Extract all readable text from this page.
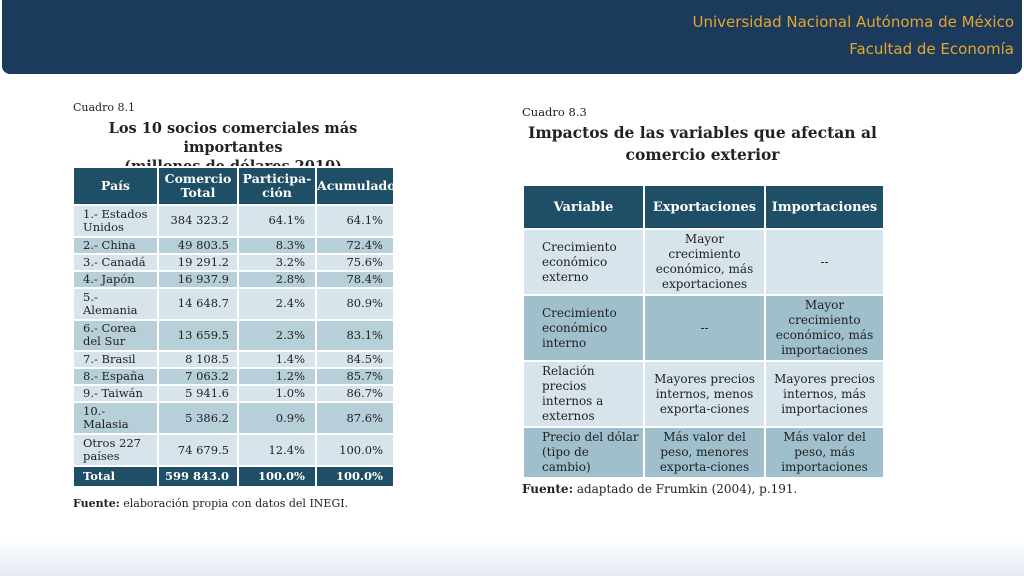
Universidad Nacional Autónoma de México
Facultad de Economía
Cuadro 8.1
Los 10 socios comerciales más importantes
País	Comercio Total	Participa-ción	Acumulado
1.- Estados Unidos	384 323.2	64.1%	64.1%
2.- China	49 803.5	8.3%	72.4%
3.- Canadá	19 291.2	3.2%	75.6%
4.- Japón	16 937.9	2.8%	78.4%
5.- Alemania	14 648.7	2.4%	80.9%
6.- Corea del Sur	13 659.5	2.3%	83.1%
7.- Brasil	8 108.5	1.4%	84.5%
8.- España	7 063.2	1.2%	85.7%
9.- Taiwán	5 941.6	1.0%	86.7%
10.- Malasia	5 386.2	0.9%	87.6%
Otros 227 países	74 679.5	12.4%	100.0%
Total	599 843.0	100.0%	100.0%
Fuente: elaboración propia con datos del INEGI.
Cuadro 8.3
Impactos de las variables que afectan al
comercio exterior
Variable	Exportaciones	Importaciones
Crecimiento económico externo	Mayor crecimiento económico, más exportaciones	--
Crecimiento económico interno	--	Mayor crecimiento económico, más importaciones
Relación precios internos a externos	Mayores precios internos, menos exporta-ciones	Mayores precios internos, más importaciones
Precio del dólar (tipo de cambio)	Más valor del peso, menores exporta-ciones	Más valor del peso, más importaciones
Fuente: adaptado de Frumkin (2004), p.191.
